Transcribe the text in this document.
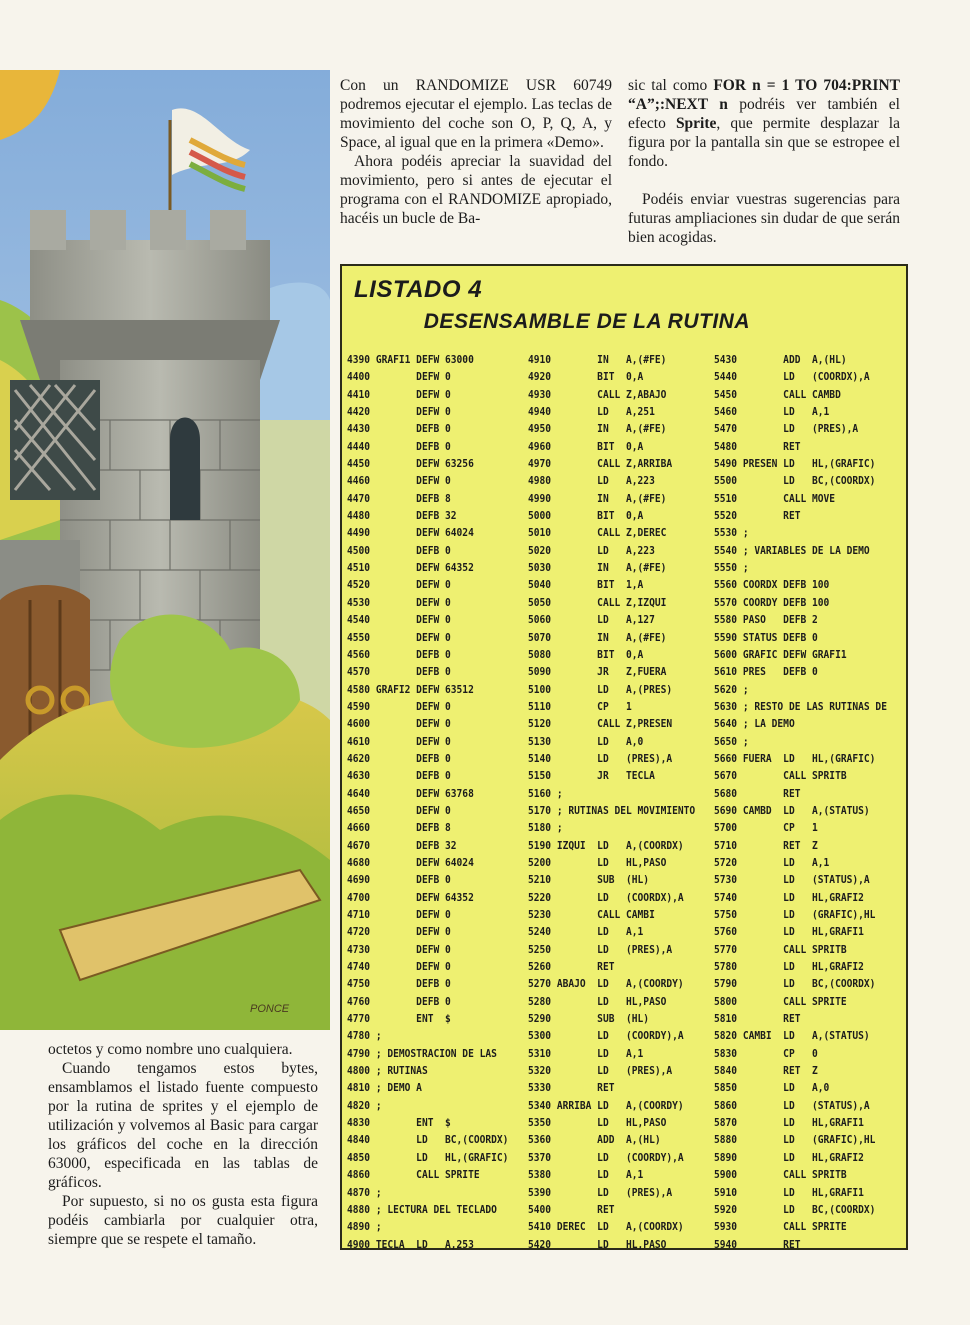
PONCE

Con un RANDOMIZE USR 60749 podremos ejecutar el ejemplo. Las teclas de movimiento del coche son O, P, Q, A, y Space, al igual que en la primera «Demo».

Ahora podéis apreciar la suavidad del movimiento, pero si antes de ejecutar el programa con el RANDOMIZE apropiado, hacéis un bucle de Ba-

sic tal como FOR n = 1 TO 704:PRINT “A”;:NEXT n podréis ver también el efecto Sprite, que permite desplazar la figura por la pantalla sin que se estropee el fondo.

Podéis enviar vuestras sugerencias para futuras ampliaciones sin dudar de que serán bien acogidas.

octetos y como nombre uno cualquiera.

Cuando tengamos estos bytes, ensamblamos el listado fuente compuesto por la rutina de sprites y el ejemplo de utilización y volvemos al Basic para cargar los gráficos del coche en la dirección 63000, especificada en las tablas de gráficos.

Por supuesto, si no os gusta esta figura podéis cambiarla por cualquier otra, siempre que se respete el tamaño.

LISTADO 4
DESENSAMBLE DE LA RUTINA
4390 GRAFI1 DEFW 63000
4400        DEFW 0
4410        DEFW 0
4420        DEFW 0
4430        DEFB 0
4440        DEFB 0
4450        DEFW 63256
4460        DEFW 0
4470        DEFB 8
4480        DEFB 32
4490        DEFW 64024
4500        DEFB 0
4510        DEFW 64352
4520        DEFW 0
4530        DEFW 0
4540        DEFW 0
4550        DEFW 0
4560        DEFB 0
4570        DEFB 0
4580 GRAFI2 DEFW 63512
4590        DEFW 0
4600        DEFW 0
4610        DEFW 0
4620        DEFB 0
4630        DEFB 0
4640        DEFW 63768
4650        DEFW 0
4660        DEFB 8
4670        DEFB 32
4680        DEFW 64024
4690        DEFB 0
4700        DEFW 64352
4710        DEFW 0
4720        DEFW 0
4730        DEFW 0
4740        DEFW 0
4750        DEFB 0
4760        DEFB 0
4770        ENT  $
4780 ;
4790 ; DEMOSTRACION DE LAS
4800 ; RUTINAS
4810 ; DEMO A
4820 ;
4830        ENT  $
4840        LD   BC,(COORDX)
4850        LD   HL,(GRAFIC)
4860        CALL SPRITE
4870 ;
4880 ; LECTURA DEL TECLADO
4890 ;
4900 TECLA  LD   A,253
4910        IN   A,(#FE)
4920        BIT  0,A
4930        CALL Z,ABAJO
4940        LD   A,251
4950        IN   A,(#FE)
4960        BIT  0,A
4970        CALL Z,ARRIBA
4980        LD   A,223
4990        IN   A,(#FE)
5000        BIT  0,A
5010        CALL Z,DEREC
5020        LD   A,223
5030        IN   A,(#FE)
5040        BIT  1,A
5050        CALL Z,IZQUI
5060        LD   A,127
5070        IN   A,(#FE)
5080        BIT  0,A
5090        JR   Z,FUERA
5100        LD   A,(PRES)
5110        CP   1
5120        CALL Z,PRESEN
5130        LD   A,0
5140        LD   (PRES),A
5150        JR   TECLA
5160 ;
5170 ; RUTINAS DEL MOVIMIENTO
5180 ;
5190 IZQUI  LD   A,(COORDX)
5200        LD   HL,PASO
5210        SUB  (HL)
5220        LD   (COORDX),A
5230        CALL CAMBI
5240        LD   A,1
5250        LD   (PRES),A
5260        RET
5270 ABAJO  LD   A,(COORDY)
5280        LD   HL,PASO
5290        SUB  (HL)
5300        LD   (COORDY),A
5310        LD   A,1
5320        LD   (PRES),A
5330        RET
5340 ARRIBA LD   A,(COORDY)
5350        LD   HL,PASO
5360        ADD  A,(HL)
5370        LD   (COORDY),A
5380        LD   A,1
5390        LD   (PRES),A
5400        RET
5410 DEREC  LD   A,(COORDX)
5420        LD   HL,PASO
5430        ADD  A,(HL)
5440        LD   (COORDX),A
5450        CALL CAMBD
5460        LD   A,1
5470        LD   (PRES),A
5480        RET
5490 PRESEN LD   HL,(GRAFIC)
5500        LD   BC,(COORDX)
5510        CALL MOVE
5520        RET
5530 ;
5540 ; VARIABLES DE LA DEMO
5550 ;
5560 COORDX DEFB 100
5570 COORDY DEFB 100
5580 PASO   DEFB 2
5590 STATUS DEFB 0
5600 GRAFIC DEFW GRAFI1
5610 PRES   DEFB 0
5620 ;
5630 ; RESTO DE LAS RUTINAS DE
5640 ; LA DEMO
5650 ;
5660 FUERA  LD   HL,(GRAFIC)
5670        CALL SPRITB
5680        RET
5690 CAMBD  LD   A,(STATUS)
5700        CP   1
5710        RET  Z
5720        LD   A,1
5730        LD   (STATUS),A
5740        LD   HL,GRAFI2
5750        LD   (GRAFIC),HL
5760        LD   HL,GRAFI1
5770        CALL SPRITB
5780        LD   HL,GRAFI2
5790        LD   BC,(COORDX)
5800        CALL SPRITE
5810        RET
5820 CAMBI  LD   A,(STATUS)
5830        CP   0
5840        RET  Z
5850        LD   A,0
5860        LD   (STATUS),A
5870        LD   HL,GRAFI1
5880        LD   (GRAFIC),HL
5890        LD   HL,GRAFI2
5900        CALL SPRITB
5910        LD   HL,GRAFI1
5920        LD   BC,(COORDX)
5930        CALL SPRITE
5940        RET
